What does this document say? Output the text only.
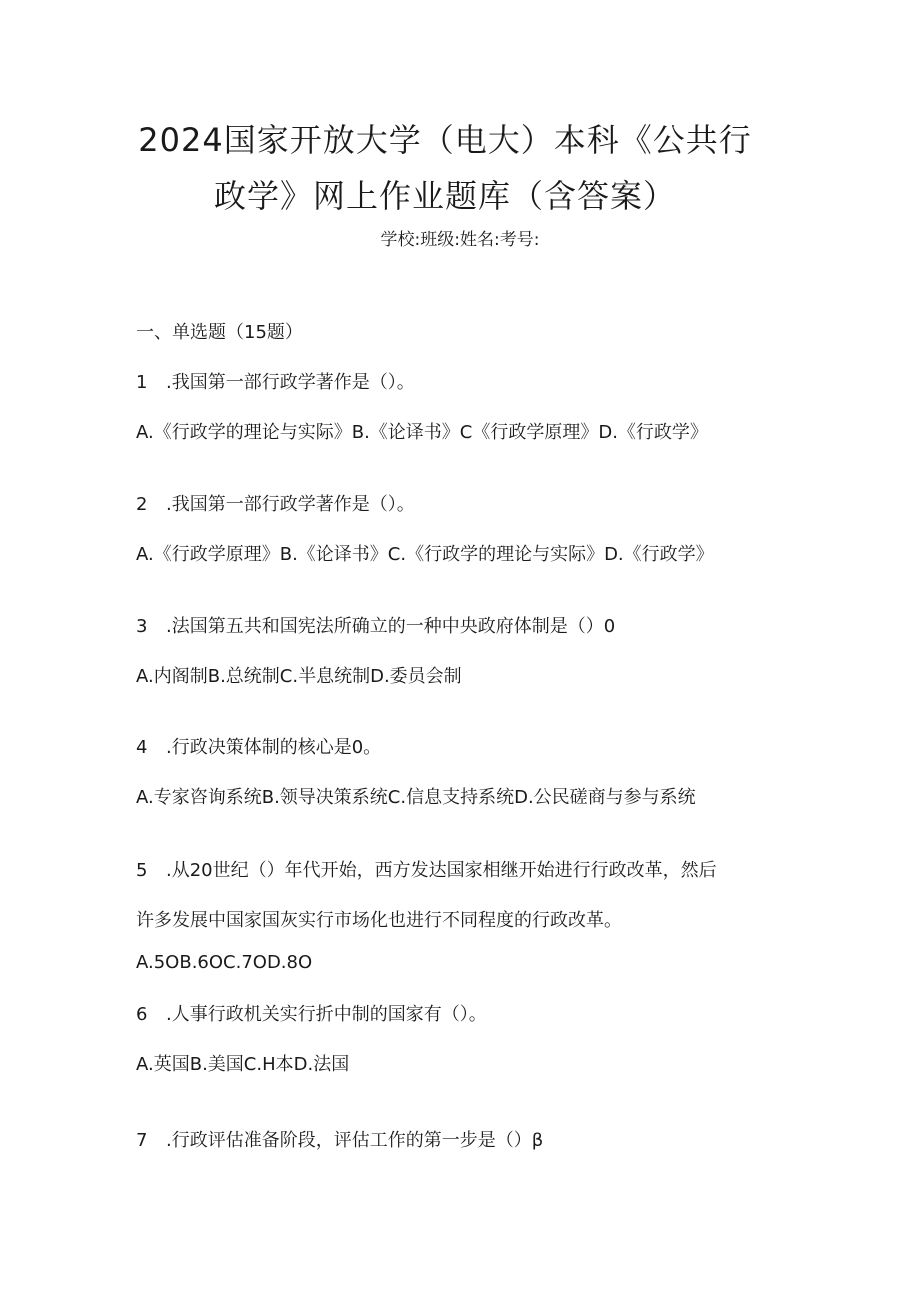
2024国家开放大学（电大）本科《公共行
政学》网上作业题库（含答案）
学校:班级:姓名:考号:
一、单选题（15题）
1 .我国第一部行政学著作是（）。
A.《行政学的理论与实际》B.《论译书》C《行政学原理》D.《行政学》
2 .我国第一部行政学著作是（）。
A.《行政学原理》B.《论译书》C.《行政学的理论与实际》D.《行政学》
3 .法国第五共和国宪法所确立的一种中央政府体制是（）0
A.内阁制B.总统制C.半息统制D.委员会制
4 .行政决策体制的核心是0。
A.专家咨询系统B.领导决策系统C.信息支持系统D.公民磋商与参与系统
5 .从20世纪（）年代开始，西方发达国家相继开始进行行政改革，然后
许多发展中国家国灰实行市场化也进行不同程度的行政改革。
A.5OB.6OC.7OD.8O
6 .人事行政机关实行折中制的国家有（）。
A.英国B.美国C.H本D.法国
7 .行政评估准备阶段，评估工作的第一步是（）β
